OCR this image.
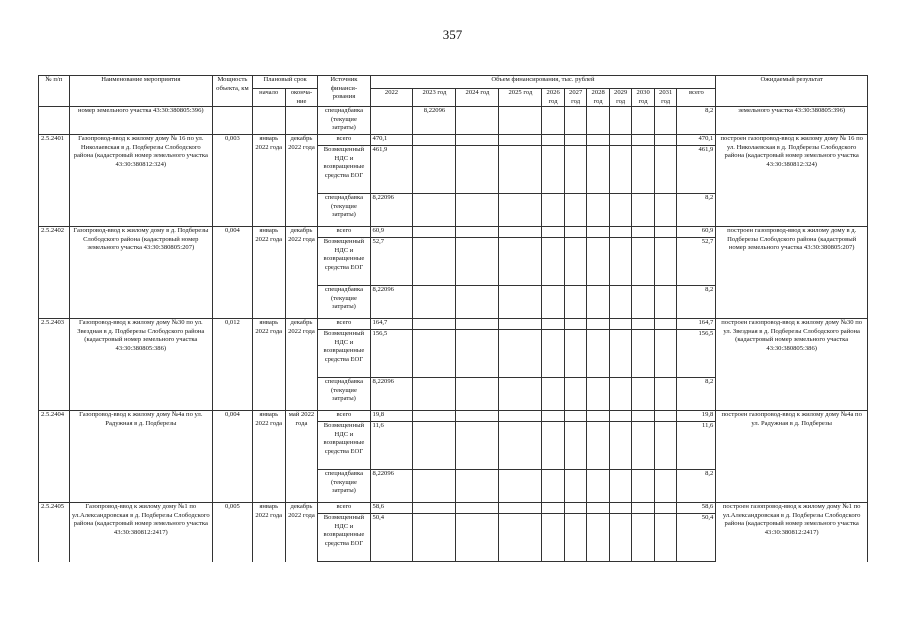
357
№ п/п	Наименование мероприятия	Мощность объекта, км	Плановый срок		Источник финанси-рования	Объем финансирования, тыс. рублей											Ожидаемый результат
			начало	оконча-ние		2022	2023 год	2024 год	2025 год	2026 год	2027 год	2028 год	2029 год	2030 год	2031 год	всего	

	номер земельного участка 43:30:380805:396)				спецнадбавка (текущие затраты)		8,22096									8,2	земельного участка 43:30:380805:396)
2.5.2401	Газопровод-ввод к жилому дому № 16 по ул. Николаевская в д. Подберезы Слободского района (кадастровый номер земельного участка 43:30:380812:324)	0,003	январь 2022 года	декабрь 2022 года	всего	470,1										470,1	построен газопровод-ввод к жилому дому № 16 по ул. Николаевская в д. Подберезы Слободского района (кадастровый номер земельного участка 43:30:380812:324)
					Возмещенный НДС и возвращенные средства ЕОГ	461,9										461,9	
					спецнадбавка (текущие затраты)	8,22096										8,2	
2.5.2402	Газопровод-ввод к жилому дому в д. Подберезы Слободского района (кадастровый номер земельного участка 43:30:380805:207)	0,004	январь 2022 года	декабрь 2022 года	всего	60,9										60,9	построен газопровод-ввод к жилому дому в д. Подберезы Слободского района (кадастровый номер земельного участка 43:30:380805:207)
					Возмещенный НДС и возвращенные средства ЕОГ	52,7										52,7	
					спецнадбавка (текущие затраты)	8,22096										8,2	
2.5.2403	Газопровод-ввод к жилому дому №30 по ул. Звездная в д. Подберезы Слободского района (кадастровый номер земельного участка 43:30:380805:386)	0,012	январь 2022 года	декабрь 2022 года	всего	164,7										164,7	построен газопровод-ввод к жилому дому №30 по ул. Звездная в д. Подберезы Слободского района (кадастровый номер земельного участка 43:30:380805:386)
					Возмещенный НДС и возвращенные средства ЕОГ	156,5										156,5	
					спецнадбавка (текущие затраты)	8,22096										8,2	
2.5.2404	Газопровод-ввод к жилому дому №4а по ул. Радужная в д. Подберезы	0,004	январь 2022 года	май 2022 года	всего	19,8										19,8	построен газопровод-ввод к жилому дому №4а по ул. Радужная в д. Подберезы
					Возмещенный НДС и возвращенные средства ЕОГ	11,6										11,6	
					спецнадбавка (текущие затраты)	8,22096										8,2	
2.5.2405	Газопровод-ввод к жилому дому №1 по ул.Александровская в д. Подберезы Слободского района (кадастровый номер земельного участка 43:30:380812:2417)	0,005	январь 2022 года	декабрь 2022 года	всего	58,6										58,6	построен газопровод-ввод к жилому дому №1 по ул.Александровская в д. Подберезы Слободского района (кадастровый номер земельного участка 43:30:380812:2417)
					Возмещенный НДС и возвращенные средства ЕОГ	50,4										50,4	
